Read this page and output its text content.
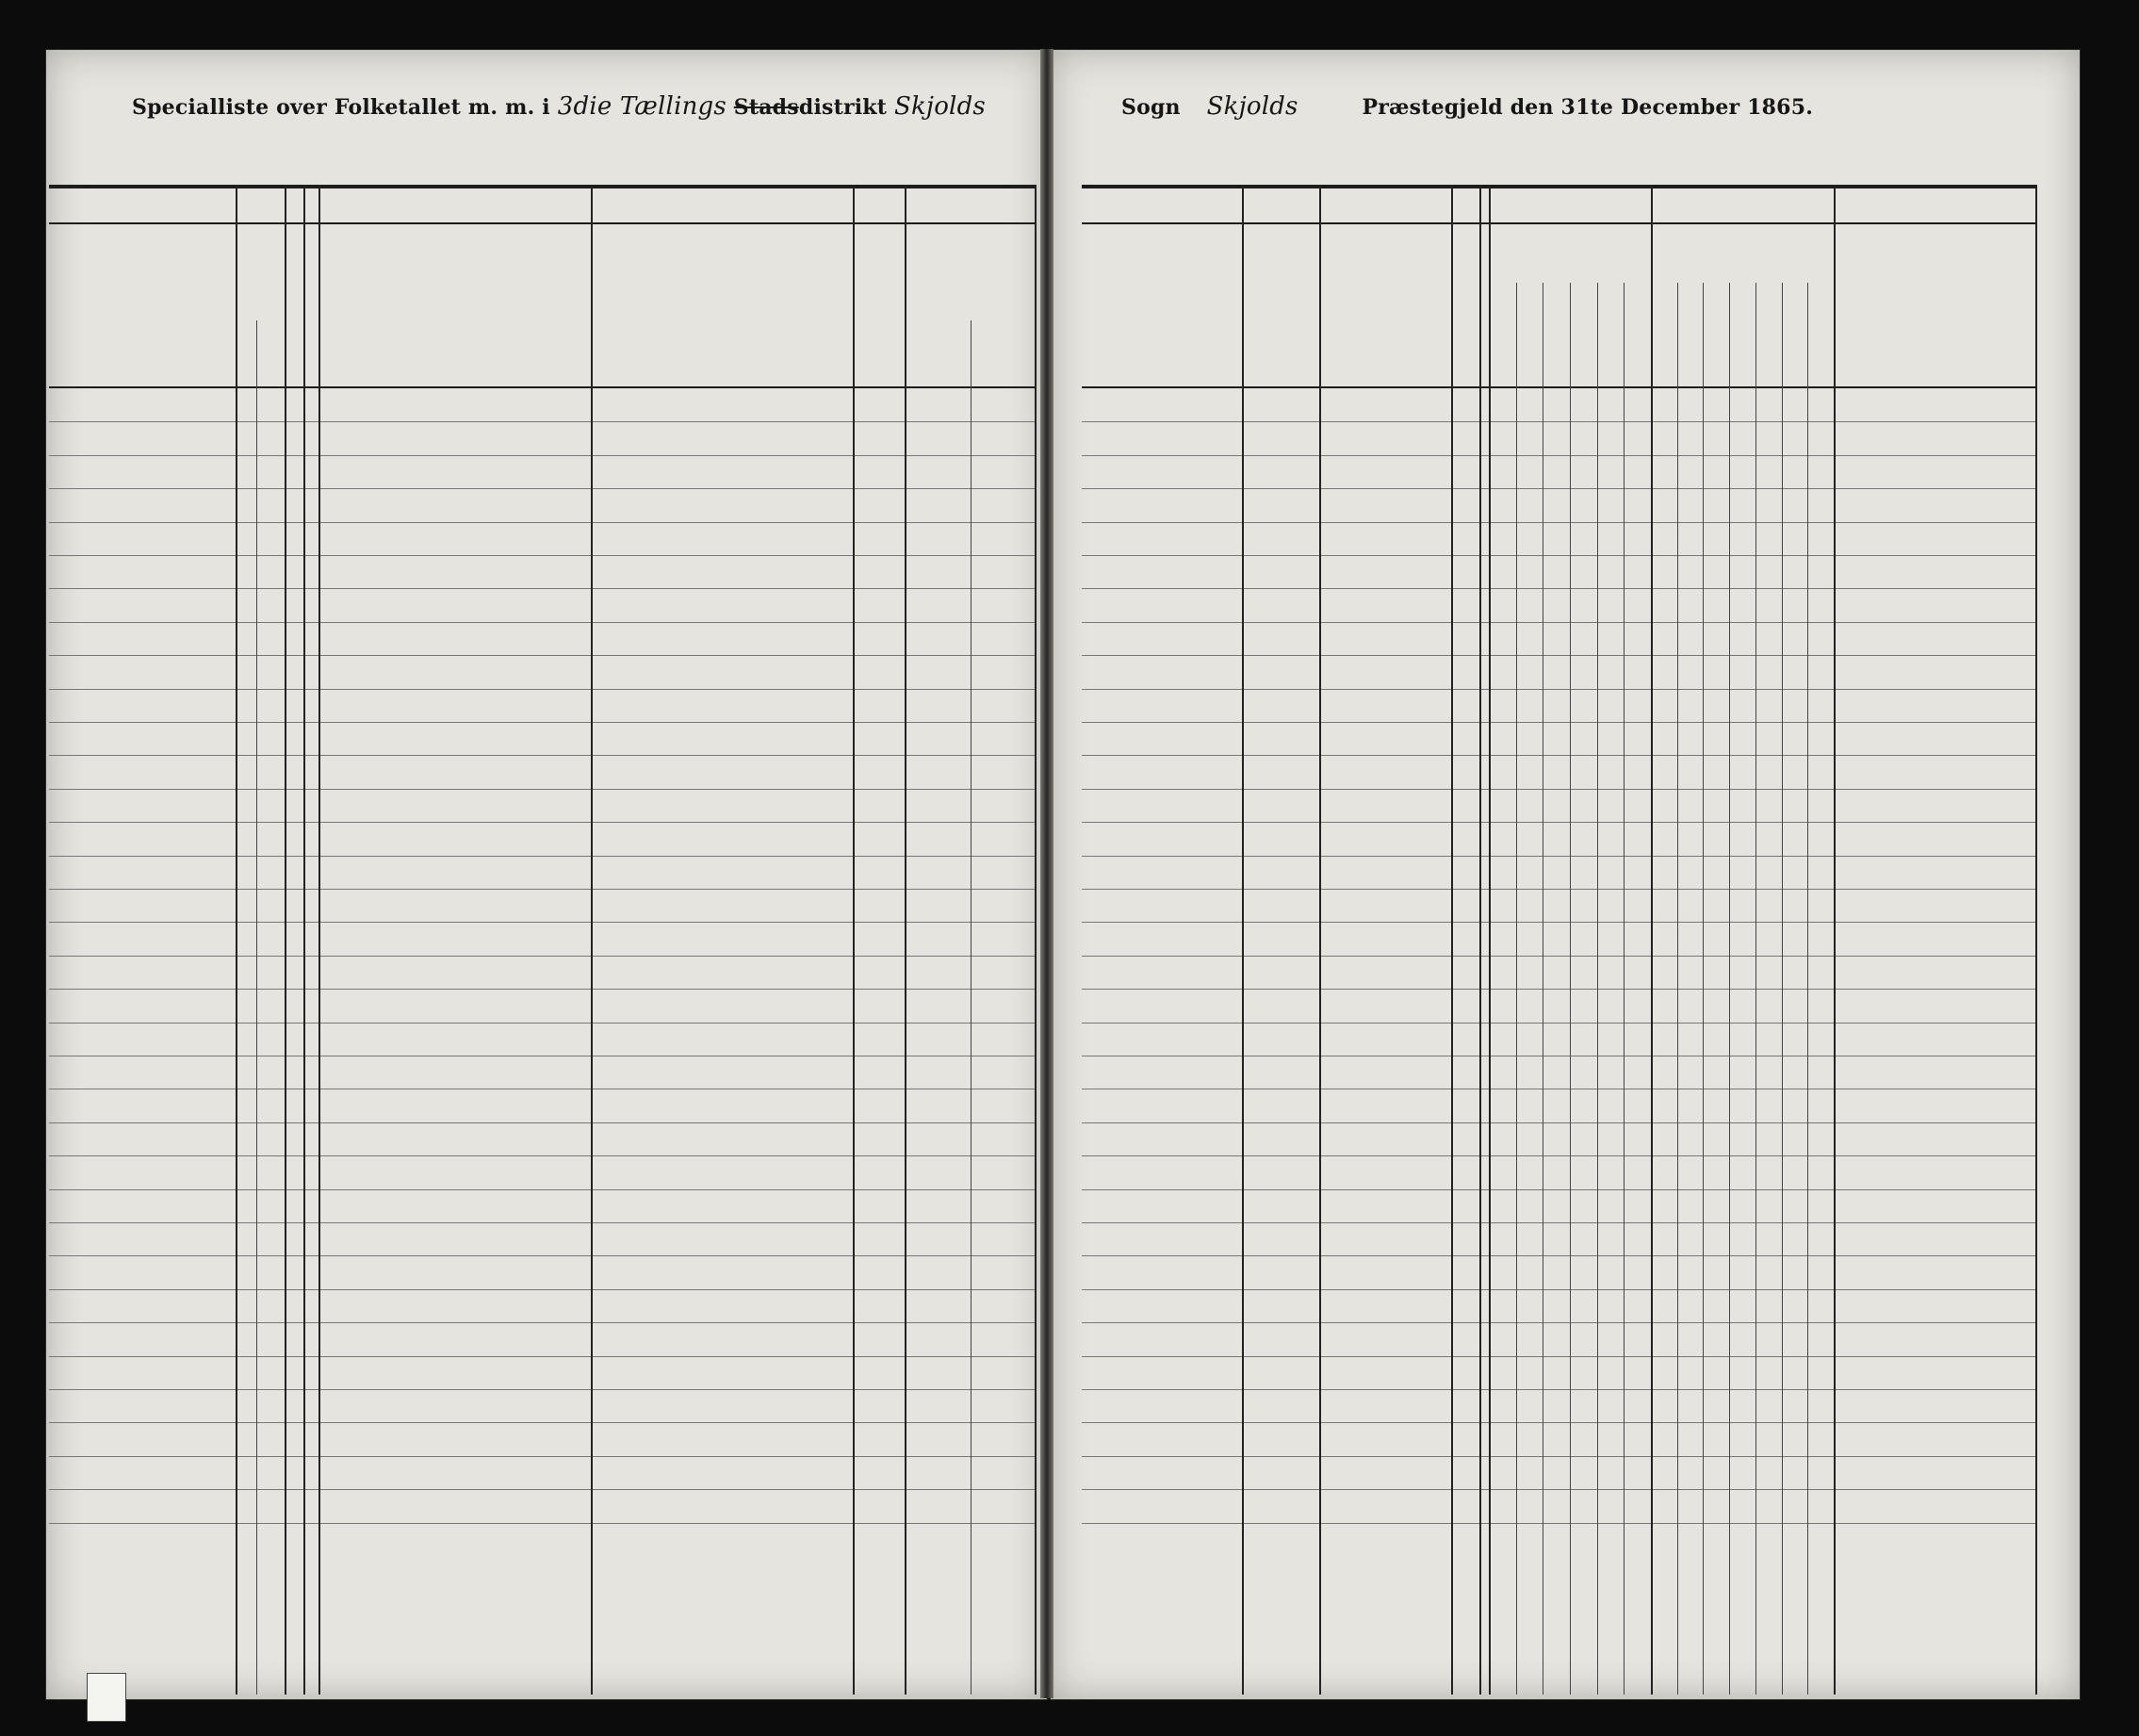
Specialliste over Folketallet m. m. i 3die Tællings Stadsdistrikt Skjolds	Sogn Skjolds	Præstegjeld den 31te December 1865.
